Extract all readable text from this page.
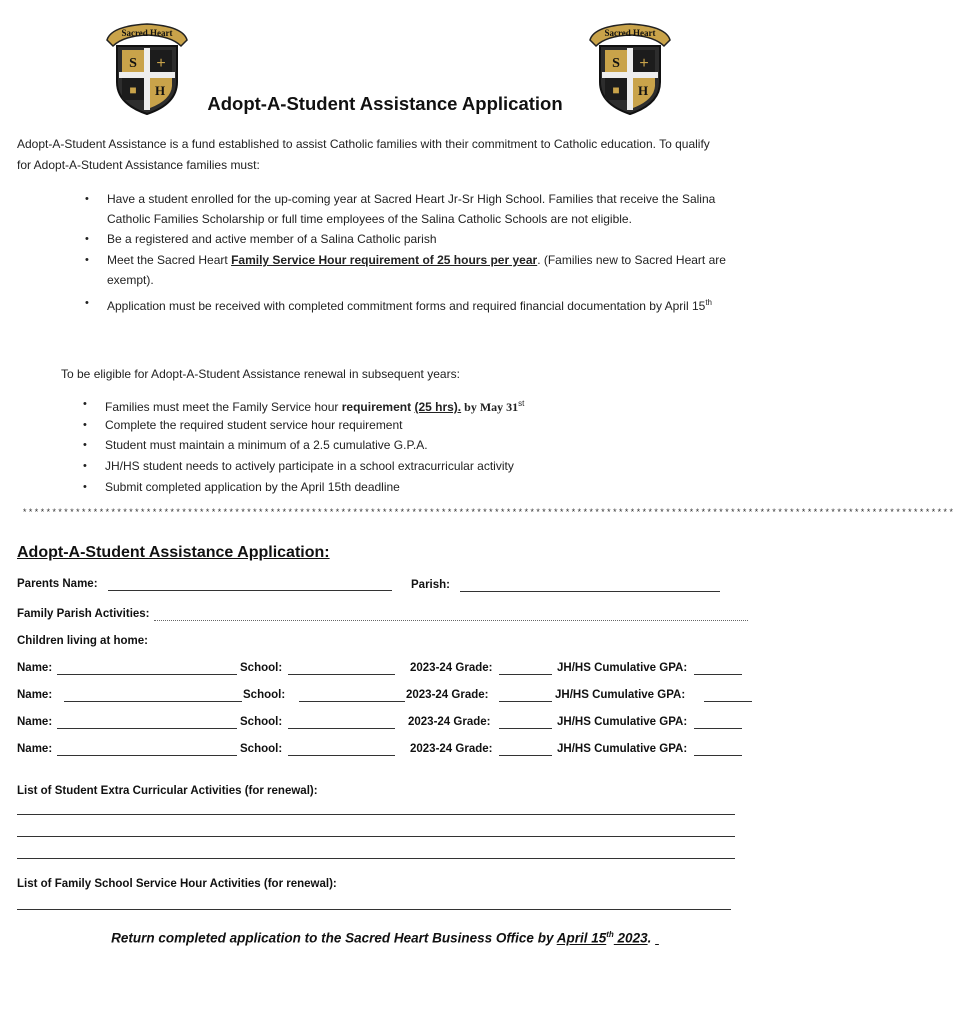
Sacred Heart
S +
■ H
Sacred Heart
S +
■ H
Adopt-A-Student Assistance Application
Adopt-A-Student Assistance is a fund established to assist Catholic families with their commitment to Catholic education. To qualify for Adopt-A-Student Assistance families must:
• Have a student enrolled for the up-coming year at Sacred Heart Jr-Sr High School. Families that receive the Salina Catholic Families Scholarship or full time employees of the Salina Catholic Schools are not eligible.
• Be a registered and active member of a Salina Catholic parish
• Meet the Sacred Heart Family Service Hour requirement of 25 hours per year. (Families new to Sacred Heart are exempt).
• Application must be received with completed commitment forms and required financial documentation by April 15th
To be eligible for Adopt-A-Student Assistance renewal in subsequent years:
• Families must meet the Family Service hour requirement (25 hrs). by May 31st
• Complete the required student service hour requirement
• Student must maintain a minimum of a 2.5 cumulative G.P.A.
• JH/HS student needs to actively participate in a school extracurricular activity
• Submit completed application by the April 15th deadline
**************************************************************************************************************************************************************
Adopt-A-Student Assistance Application:
Parents Name:	Parish:
Family Parish Activities:
Children living at home:
Name:	School:	2023-24 Grade:	JH/HS Cumulative GPA:
Name:	School:	2023-24 Grade:	JH/HS Cumulative GPA:
Name:	School:	2023-24 Grade:	JH/HS Cumulative GPA:
Name:	School:	2023-24 Grade:	JH/HS Cumulative GPA:
List of Student Extra Curricular Activities (for renewal):
List of Family School Service Hour Activities (for renewal):
Return completed application to the Sacred Heart Business Office by April 15th 2023.
